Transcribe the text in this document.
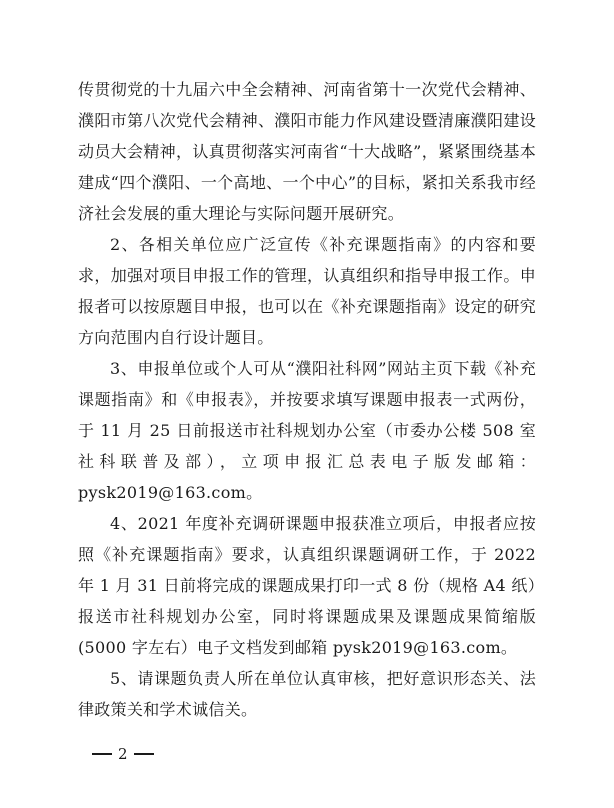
传贯彻党的十九届六中全会精神、河南省第十一次党代会精神、濮阳市第八次党代会精神、濮阳市能力作风建设暨清廉濮阳建设动员大会精神，认真贯彻落实河南省“十大战略”，紧紧围绕基本建成“四个濮阳、一个高地、一个中心”的目标，紧扣关系我市经济社会发展的重大理论与实际问题开展研究。

2、各相关单位应广泛宣传《补充课题指南》的内容和要求，加强对项目申报工作的管理，认真组织和指导申报工作。申报者可以按原题目申报，也可以在《补充课题指南》设定的研究方向范围内自行设计题目。

3、申报单位或个人可从“濮阳社科网”网站主页下载《补充课题指南》和《申报表》，并按要求填写课题申报表一式两份，于 11 月 25 日前报送市社科规划办公室（市委办公楼 508 室社科联普及部），立项申报汇总表电子版发邮箱：pysk2019@163.com。

4、2021 年度补充调研课题申报获准立项后，申报者应按照《补充课题指南》要求，认真组织课题调研工作，于 2022 年 1 月 31 日前将完成的课题成果打印一式 8 份（规格 A4 纸）报送市社科规划办公室，同时将课题成果及课题成果简缩版(5000 字左右）电子文档发到邮箱 pysk2019@163.com。

5、请课题负责人所在单位认真审核，把好意识形态关、法律政策关和学术诚信关。

2
